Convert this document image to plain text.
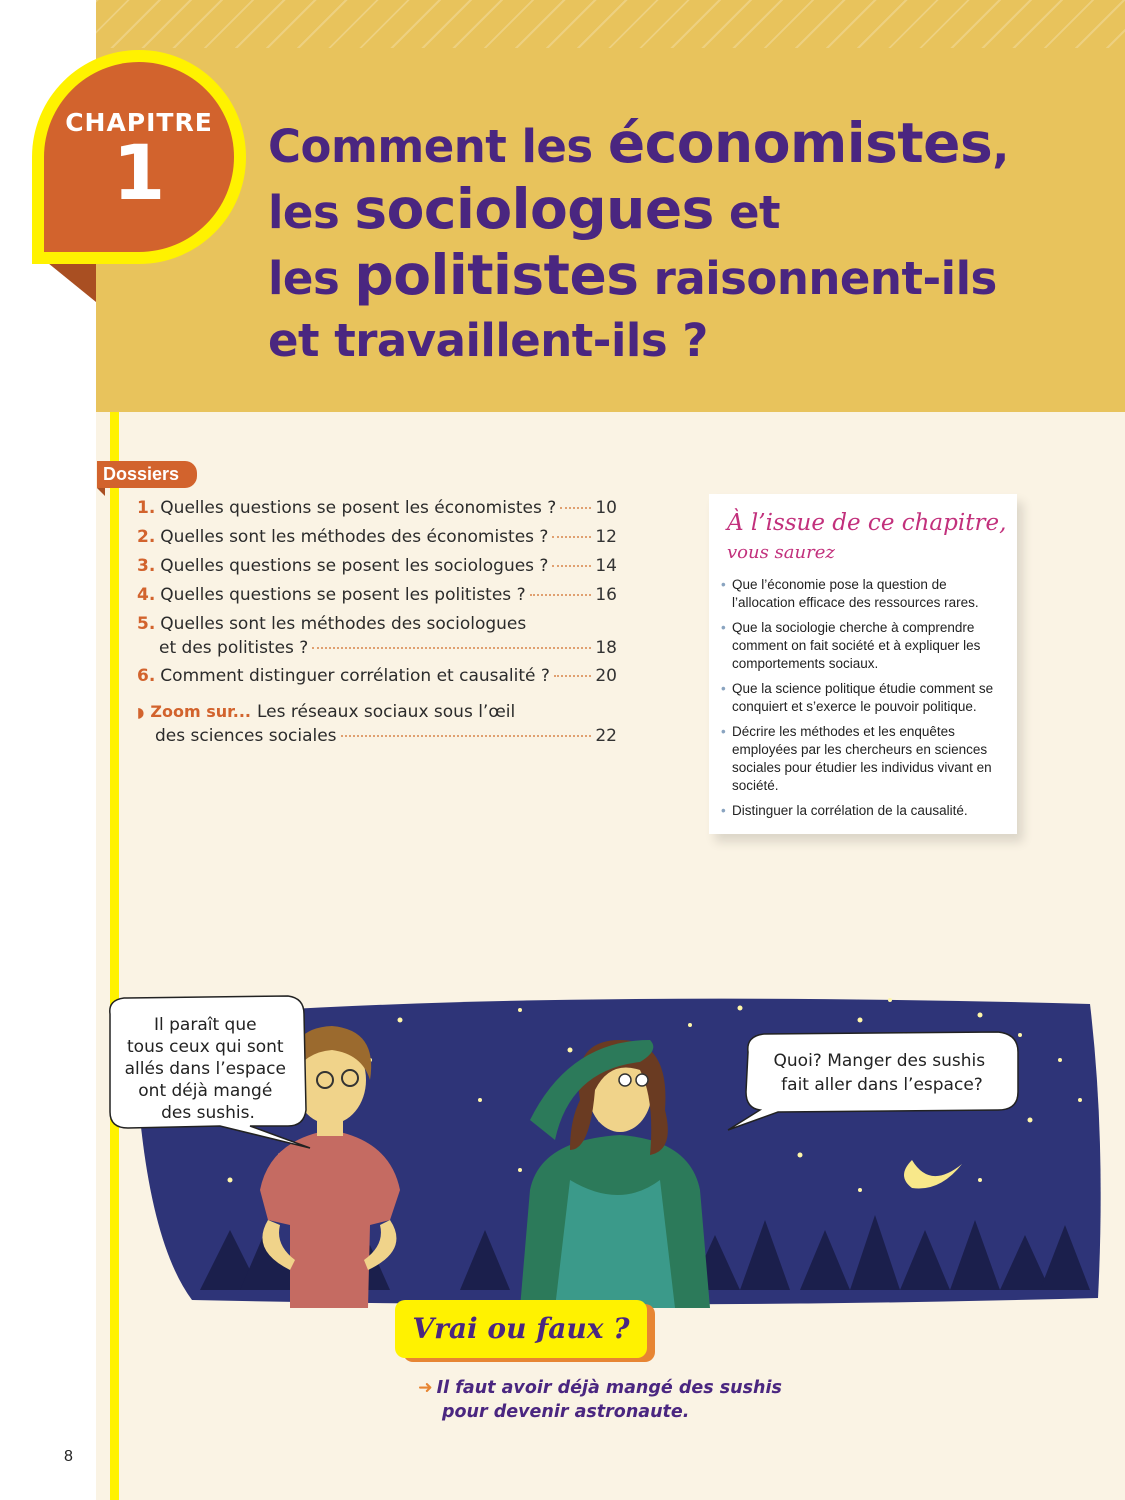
CHAPITRE
1	Comment les économistes,
les sociologues et
les politistes raisonnent-ils
et travaillent-ils ?
Dossiers
1. Quelles questions se posent les économistes ? 10
2. Quelles sont les méthodes des économistes ?	12
3. Quelles questions se posent les sociologues ?	14
4. Quelles questions se posent les politistes ?	16
5. Quelles sont les méthodes des sociologues
et des politistes ?	18
6. Comment distinguer corrélation et causalité ?	20
◗ Zoom sur... Les réseaux sociaux sous l’œil
des sciences sociales	22
À l’issue de ce chapitre,
vous saurez
• Que l’économie pose la question de l’allocation efficace des ressources rares.
• Que la sociologie cherche à comprendre comment on fait société et à expliquer les comportements sociaux.
• Que la science politique étudie comment se conquiert et s’exerce le pouvoir politique.
• Décrire les méthodes et les enquêtes employées par les chercheurs en sciences sociales pour étudier les individus vivant en société.
• Distinguer la corrélation de la causalité.
Il paraît que tous ceux qui sont allés dans l’espace ont déjà mangé des sushis.
Quoi? Manger des sushis fait aller dans l’espace?
Vrai ou faux ?
➜ Il faut avoir déjà mangé des sushis
pour devenir astronaute.
8
